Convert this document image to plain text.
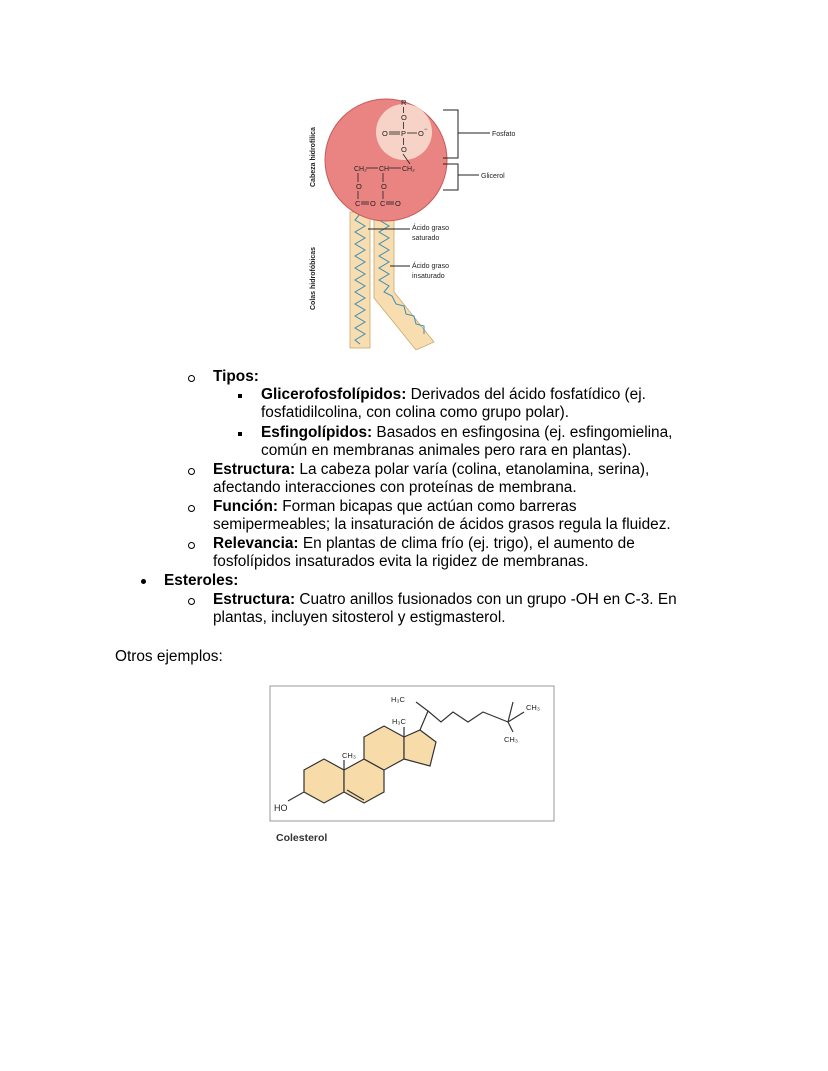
R
O
O P O −
O
CH₂ CH CH₂
O	O
C O C O
Fosfato
Glicerol
Ácido graso
saturado
Ácido graso
insaturado
Cabeza hidrofílica
Colas hidrofóbicas
Tipos:
Glicerofosfolípidos: Derivados del ácido fosfatídico (ej.
fosfatidilcolina, con colina como grupo polar).
Esfingolípidos: Basados en esfingosina (ej. esfingomielina,
común en membranas animales pero rara en plantas).
Estructura: La cabeza polar varía (colina, etanolamina, serina),
afectando interacciones con proteínas de membrana.
Función: Forman bicapas que actúan como barreras
semipermeables; la insaturación de ácidos grasos regula la fluidez.
Relevancia: En plantas de clima frío (ej. trigo), el aumento de
fosfolípidos insaturados evita la rigidez de membranas.
Esteroles:
Estructura: Cuatro anillos fusionados con un grupo -OH en C-3. En
plantas, incluyen sitosterol y estigmasterol.
Otros ejemplos:
HO
CH₃
H₃C
H₃C
CH₃
CH₃
Colesterol
